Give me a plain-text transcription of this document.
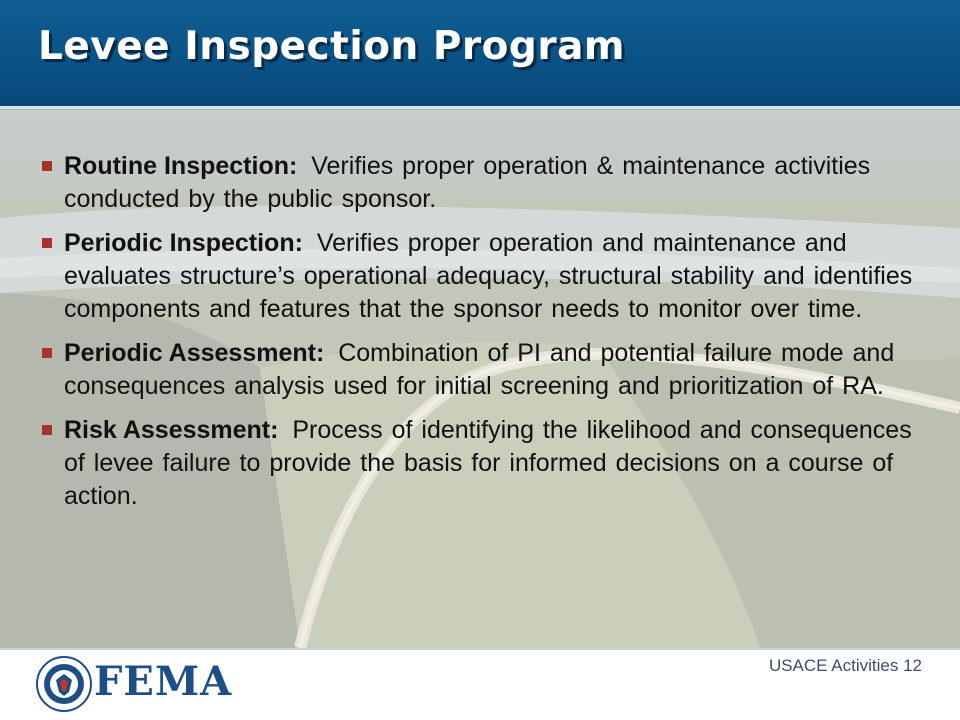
Levee Inspection Program
Routine Inspection: Verifies proper operation & maintenance activities conducted by the public sponsor.
Periodic Inspection: Verifies proper operation and maintenance and evaluates structure’s operational adequacy, structural stability and identifies components and features that the sponsor needs to monitor over time.
Periodic Assessment: Combination of PI and potential failure mode and consequences analysis used for initial screening and prioritization of RA.
Risk Assessment: Process of identifying the likelihood and consequences of levee failure to provide the basis for informed decisions on a course of action.
FEMA	USACE Activities 12
